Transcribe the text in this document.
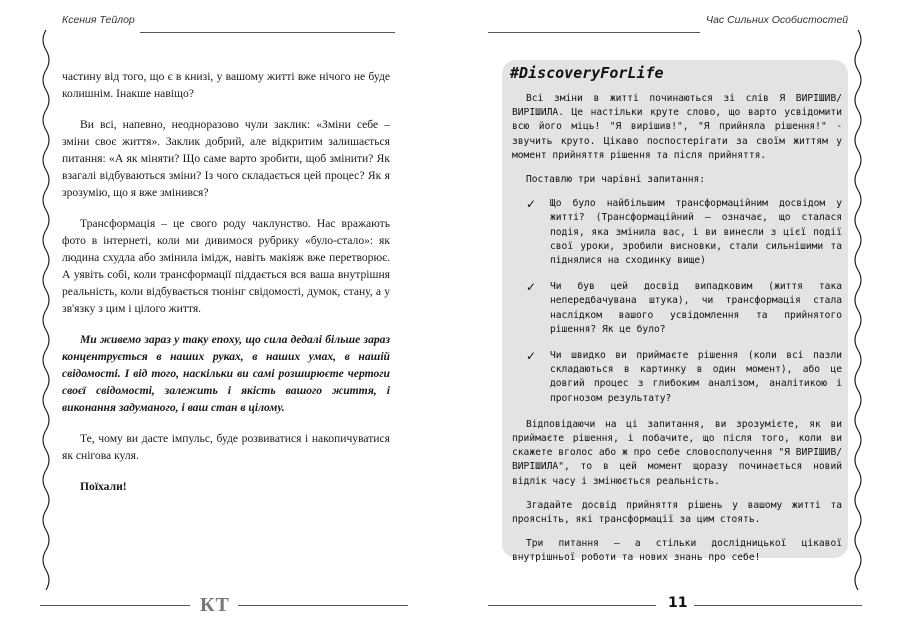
Ксения Тейлор

частину від того, що є в книзі, у вашому житті вже нічого не буде колишнім. Інакше навіщо?

Ви всі, напевно, неодноразово чули заклик: «Зміни себе – зміни своє життя». Заклик добрий, але відкритим залишається питання: «А як міняти? Що саме варто зробити, щоб змінити? Як взагалі відбуваються зміни? Із чого складається цей процес? Як я зрозумію, що я вже змінився?

Трансформація – це свого роду чаклунство. Нас вражають фото в інтернеті, коли ми дивимося рубрику «було-стало»: як людина схудла або змінила імідж, навіть макіяж вже перетворює. А уявіть собі, коли трансформації піддається вся ваша внутрішня реальність, коли відбувається тюнінг свідомості, думок, стану, а у зв'язку з цим і цілого життя.

Ми живемо зараз у таку епоху, що сила дедалі більше зараз концентрується в наших руках, в наших умах, в нашій свідомості. І від того, наскільки ви самі розширюєте чертоги своєї свідомості, залежить і якість вашого життя, і виконання задуманого, і ваш стан в цілому.

Те, чому ви дасте імпульс, буде розвиватися і накопичуватися як снігова куля.

Поїхали!

КТ
Час Сильних Особистостей
#DiscoveryForLife

Всі зміни в житті починаються зі слів Я ВИРІШИВ/ВИРІШИЛА. Це настільки круте слово, що варто усвідомити всю його міць! "Я вирішив!", "Я прийняла рішення!" - звучить круто. Цікаво поспостерігати за своїм життям у момент прийняття рішення та після прийняття.

Поставлю три чарівні запитання:

✓ Що було найбільшим трансформаційним досвідом у житті? (Трансформаційний – означає, що сталася подія, яка змінила вас, і ви винесли з цієї події свої уроки, зробили висновки, стали сильнішими та піднялися на сходинку вище)
✓ Чи був цей досвід випадковим (життя така непередбачувана штука), чи трансформація стала наслідком вашого усвідомлення та прийнятого рішення? Як це було?
✓ Чи швидко ви приймаєте рішення (коли всі пазли складаються в картинку в один момент), або це довгий процес з глибоким аналізом, аналітикою і прогнозом результату?

Відповідаючи на ці запитання, ви зрозумієте, як ви приймаєте рішення, і побачите, що після того, коли ви скажете вголос або ж про себе словосполучення "Я ВИРІШИВ/ВИРІШИЛА", то в цей момент щоразу починається новий відлік часу і змінюється реальність.

Згадайте досвід прийняття рішень у вашому житті та проясніть, які трансформації за цим стоять.

Три питання – а стільки дослідницької цікавої внутрішньої роботи та нових знань про себе!

11
